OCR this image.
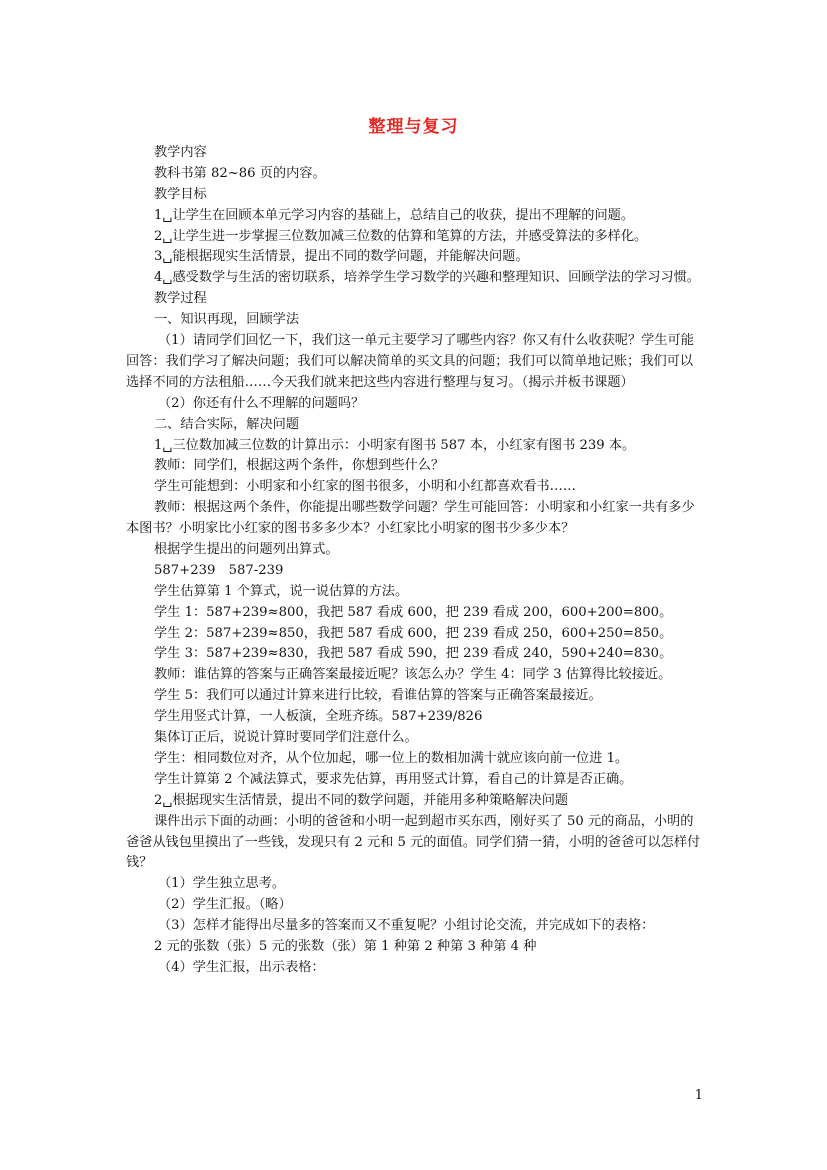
整理与复习
教学内容
教科书第 82~86 页的内容。
教学目标
1␣让学生在回顾本单元学习内容的基础上，总结自己的收获，提出不理解的问题。
2␣让学生进一步掌握三位数加减三位数的估算和笔算的方法，并感受算法的多样化。
3␣能根据现实生活情景，提出不同的数学问题，并能解决问题。
4␣感受数学与生活的密切联系，培养学生学习数学的兴趣和整理知识、回顾学法的学习习惯。
教学过程
一、知识再现，回顾学法
（1）请同学们回忆一下，我们这一单元主要学习了哪些内容？你又有什么收获呢？学生可能回答：我们学习了解决问题；我们可以解决简单的买文具的问题；我们可以简单地记账；我们可以选择不同的方法租船……今天我们就来把这些内容进行整理与复习。（揭示并板书课题）
（2）你还有什么不理解的问题吗？
二、结合实际，解决问题
1␣三位数加减三位数的计算出示：小明家有图书 587 本，小红家有图书 239 本。
教师：同学们，根据这两个条件，你想到些什么？
学生可能想到：小明家和小红家的图书很多，小明和小红都喜欢看书……
教师：根据这两个条件，你能提出哪些数学问题？学生可能回答：小明家和小红家一共有多少本图书？小明家比小红家的图书多多少本？小红家比小明家的图书少多少本？
根据学生提出的问题列出算式。
587+239　587-239
学生估算第 1 个算式，说一说估算的方法。
学生 1：587+239≈800，我把 587 看成 600，把 239 看成 200，600+200=800。
学生 2：587+239≈850，我把 587 看成 600，把 239 看成 250，600+250=850。
学生 3：587+239≈830，我把 587 看成 590，把 239 看成 240，590+240=830。
教师：谁估算的答案与正确答案最接近呢？该怎么办？学生 4：同学 3 估算得比较接近。
学生 5：我们可以通过计算来进行比较，看谁估算的答案与正确答案最接近。
学生用竖式计算，一人板演，全班齐练。587+239/826
集体订正后，说说计算时要同学们注意什么。
学生：相同数位对齐，从个位加起，哪一位上的数相加满十就应该向前一位进 1。
学生计算第 2 个减法算式，要求先估算，再用竖式计算，看自己的计算是否正确。
2␣根据现实生活情景，提出不同的数学问题，并能用多种策略解决问题
课件出示下面的动画：小明的爸爸和小明一起到超市买东西，刚好买了 50 元的商品，小明的爸爸从钱包里摸出了一些钱，发现只有 2 元和 5 元的面值。同学们猜一猜，小明的爸爸可以怎样付钱？
（1）学生独立思考。
（2）学生汇报。（略）
（3）怎样才能得出尽量多的答案而又不重复呢？小组讨论交流，并完成如下的表格：
2 元的张数（张）5 元的张数（张）第 1 种第 2 种第 3 种第 4 种
（4）学生汇报，出示表格：
1
